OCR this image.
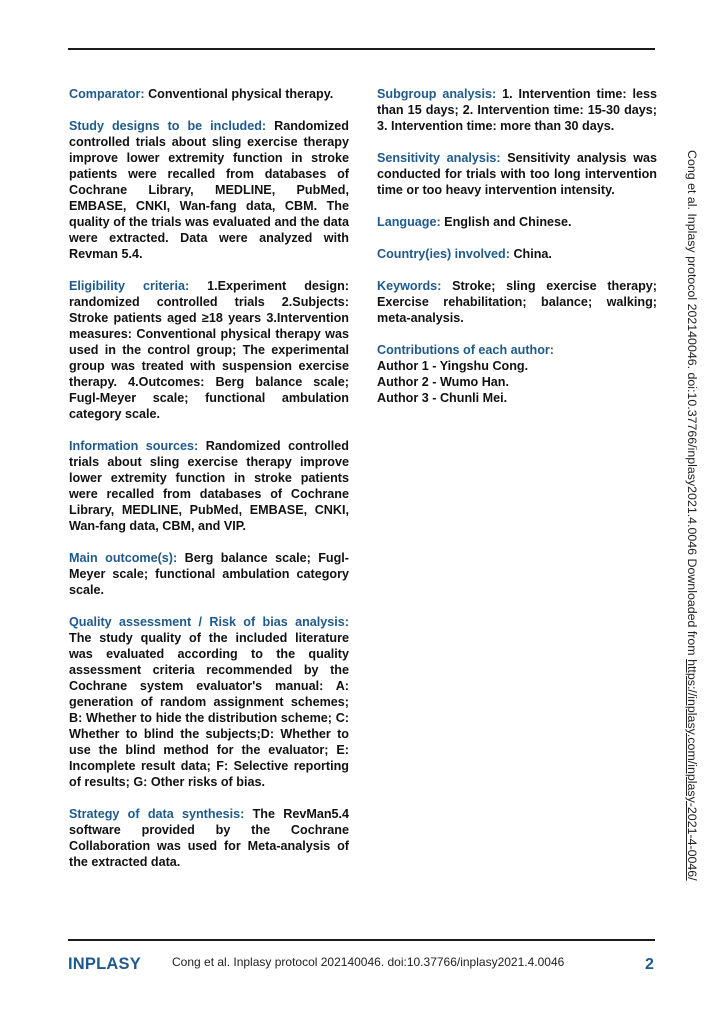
Comparator: Conventional physical therapy.

Study designs to be included: Randomized controlled trials about sling exercise therapy improve lower extremity function in stroke patients were recalled from databases of Cochrane Library, MEDLINE, PubMed, EMBASE, CNKI, Wan-fang data, CBM. The quality of the trials was evaluated and the data were extracted. Data were analyzed with Revman 5.4.

Eligibility criteria: 1.Experiment design: randomized controlled trials 2.Subjects: Stroke patients aged ≥18 years 3.Intervention measures: Conventional physical therapy was used in the control group; The experimental group was treated with suspension exercise therapy. 4.Outcomes: Berg balance scale; Fugl-Meyer scale; functional ambulation category scale.

Information sources: Randomized controlled trials about sling exercise therapy improve lower extremity function in stroke patients were recalled from databases of Cochrane Library, MEDLINE, PubMed, EMBASE, CNKI, Wan-fang data, CBM, and VIP.

Main outcome(s): Berg balance scale; Fugl-Meyer scale; functional ambulation category scale.

Quality assessment / Risk of bias analysis: The study quality of the included literature was evaluated according to the quality assessment criteria recommended by the Cochrane system evaluator's manual: A: generation of random assignment schemes; B: Whether to hide the distribution scheme; C: Whether to blind the subjects;D: Whether to use the blind method for the evaluator; E: Incomplete result data; F: Selective reporting of results; G: Other risks of bias.

Strategy of data synthesis: The RevMan5.4 software provided by the Cochrane Collaboration was used for Meta-analysis of the extracted data.

Subgroup analysis: 1. Intervention time: less than 15 days; 2. Intervention time: 15-30 days; 3. Intervention time: more than 30 days.

Sensitivity analysis: Sensitivity analysis was conducted for trials with too long intervention time or too heavy intervention intensity.

Language: English and Chinese.

Country(ies) involved: China.

Keywords: Stroke; sling exercise therapy; Exercise rehabilitation; balance; walking; meta-analysis.

Contributions of each author:
Author 1 - Yingshu Cong.
Author 2 - Wumo Han.
Author 3 - Chunli Mei.
INPLASY	Cong et al. Inplasy protocol 202140046. doi:10.37766/inplasy2021.4.0046	2
Cong et al. Inplasy protocol 202140046. doi:10.37766/inplasy2021.4.0046 Downloaded from https://inplasy.com/inplasy-2021-4-0046/
